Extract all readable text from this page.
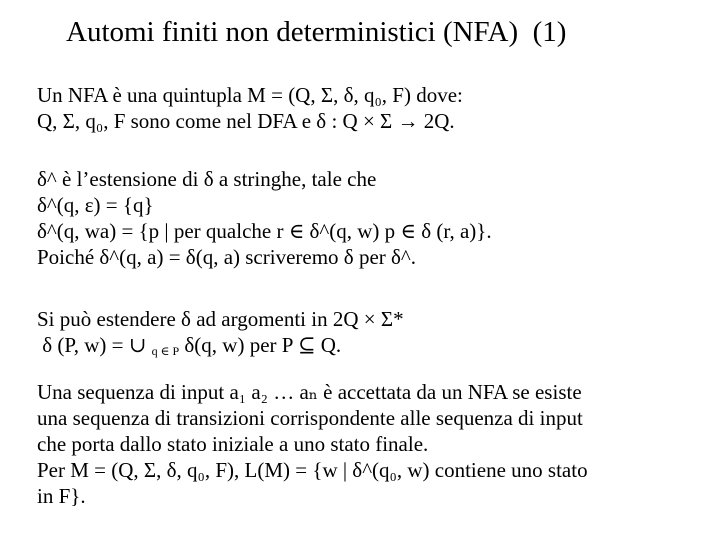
Automi finiti non deterministici (NFA)  (1)
Un NFA è una quintupla M = (Q, Σ, δ, q₀, F) dove:
Q, Σ, q₀, F sono come nel DFA e δ : Q × Σ → 2Q.
δ^ è l’estensione di δ a stringhe, tale che
δ^(q, ε) = {q}
δ^(q, wa) = {p | per qualche r ∈ δ^(q, w) p ∈ δ (r, a)}.
Poiché δ^(q, a) = δ(q, a) scriveremo δ per δ^.
Si può estendere δ ad argomenti in 2Q × Σ*
δ (P, w) = ∪ $_{q \in P}$ δ(q, w) per P ⊆ Q.
Una sequenza di input a₁ a₂ … aₙ è accettata da un NFA se esiste
una sequenza di transizioni corrispondente alle sequenza di input
che porta dallo stato iniziale a uno stato finale.
Per M = (Q, Σ, δ, q₀, F), L(M) = {w | δ^(q₀, w) contiene uno stato
in F}.
